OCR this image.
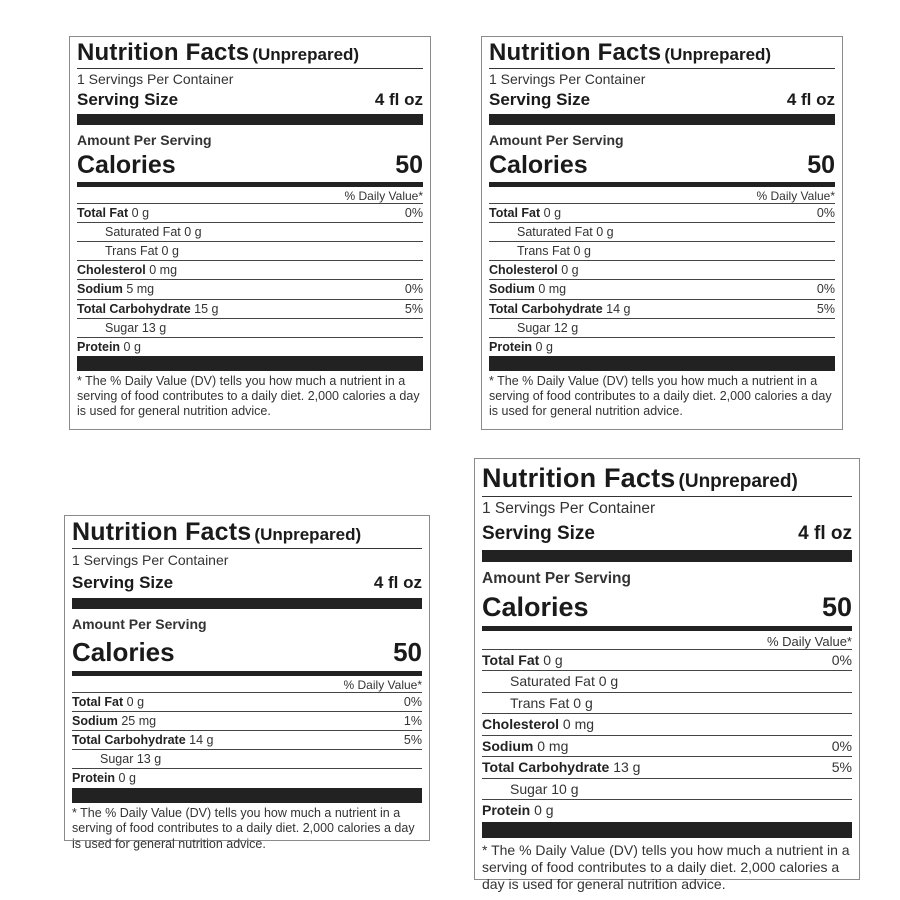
Nutrition Facts (Unprepared)
1 Servings Per Container
Serving Size	4 fl oz
Amount Per Serving
Calories	50
% Daily Value*
Total Fat 0 g	0%
Saturated Fat 0 g
Trans Fat 0 g
Cholesterol 0 mg
Sodium 5 mg	0%
Total Carbohydrate 15 g	5%
Sugar 13 g
Protein 0 g
* The % Daily Value (DV) tells you how much a nutrient in a serving of food contributes to a daily diet. 2,000 calories a day is used for general nutrition advice.
Nutrition Facts (Unprepared)
1 Servings Per Container
Serving Size	4 fl oz
Amount Per Serving
Calories	50
% Daily Value*
Total Fat 0 g	0%
Saturated Fat 0 g
Trans Fat 0 g
Cholesterol 0 g
Sodium 0 mg	0%
Total Carbohydrate 14 g	5%
Sugar 12 g
Protein 0 g
* The % Daily Value (DV) tells you how much a nutrient in a serving of food contributes to a daily diet. 2,000 calories a day is used for general nutrition advice.
Nutrition Facts (Unprepared)
1 Servings Per Container
Serving Size	4 fl oz
Amount Per Serving
Calories	50
% Daily Value*
Total Fat 0 g	0%
Sodium 25 mg	1%
Total Carbohydrate 14 g	5%
Sugar 13 g
Protein 0 g
* The % Daily Value (DV) tells you how much a nutrient in a serving of food contributes to a daily diet. 2,000 calories a day is used for general nutrition advice.
Nutrition Facts (Unprepared)
1 Servings Per Container
Serving Size	4 fl oz
Amount Per Serving
Calories	50
% Daily Value*
Total Fat 0 g	0%
Saturated Fat 0 g
Trans Fat 0 g
Cholesterol 0 mg
Sodium 0 mg	0%
Total Carbohydrate 13 g	5%
Sugar 10 g
Protein 0 g
* The % Daily Value (DV) tells you how much a nutrient in a serving of food contributes to a daily diet. 2,000 calories a day is used for general nutrition advice.
